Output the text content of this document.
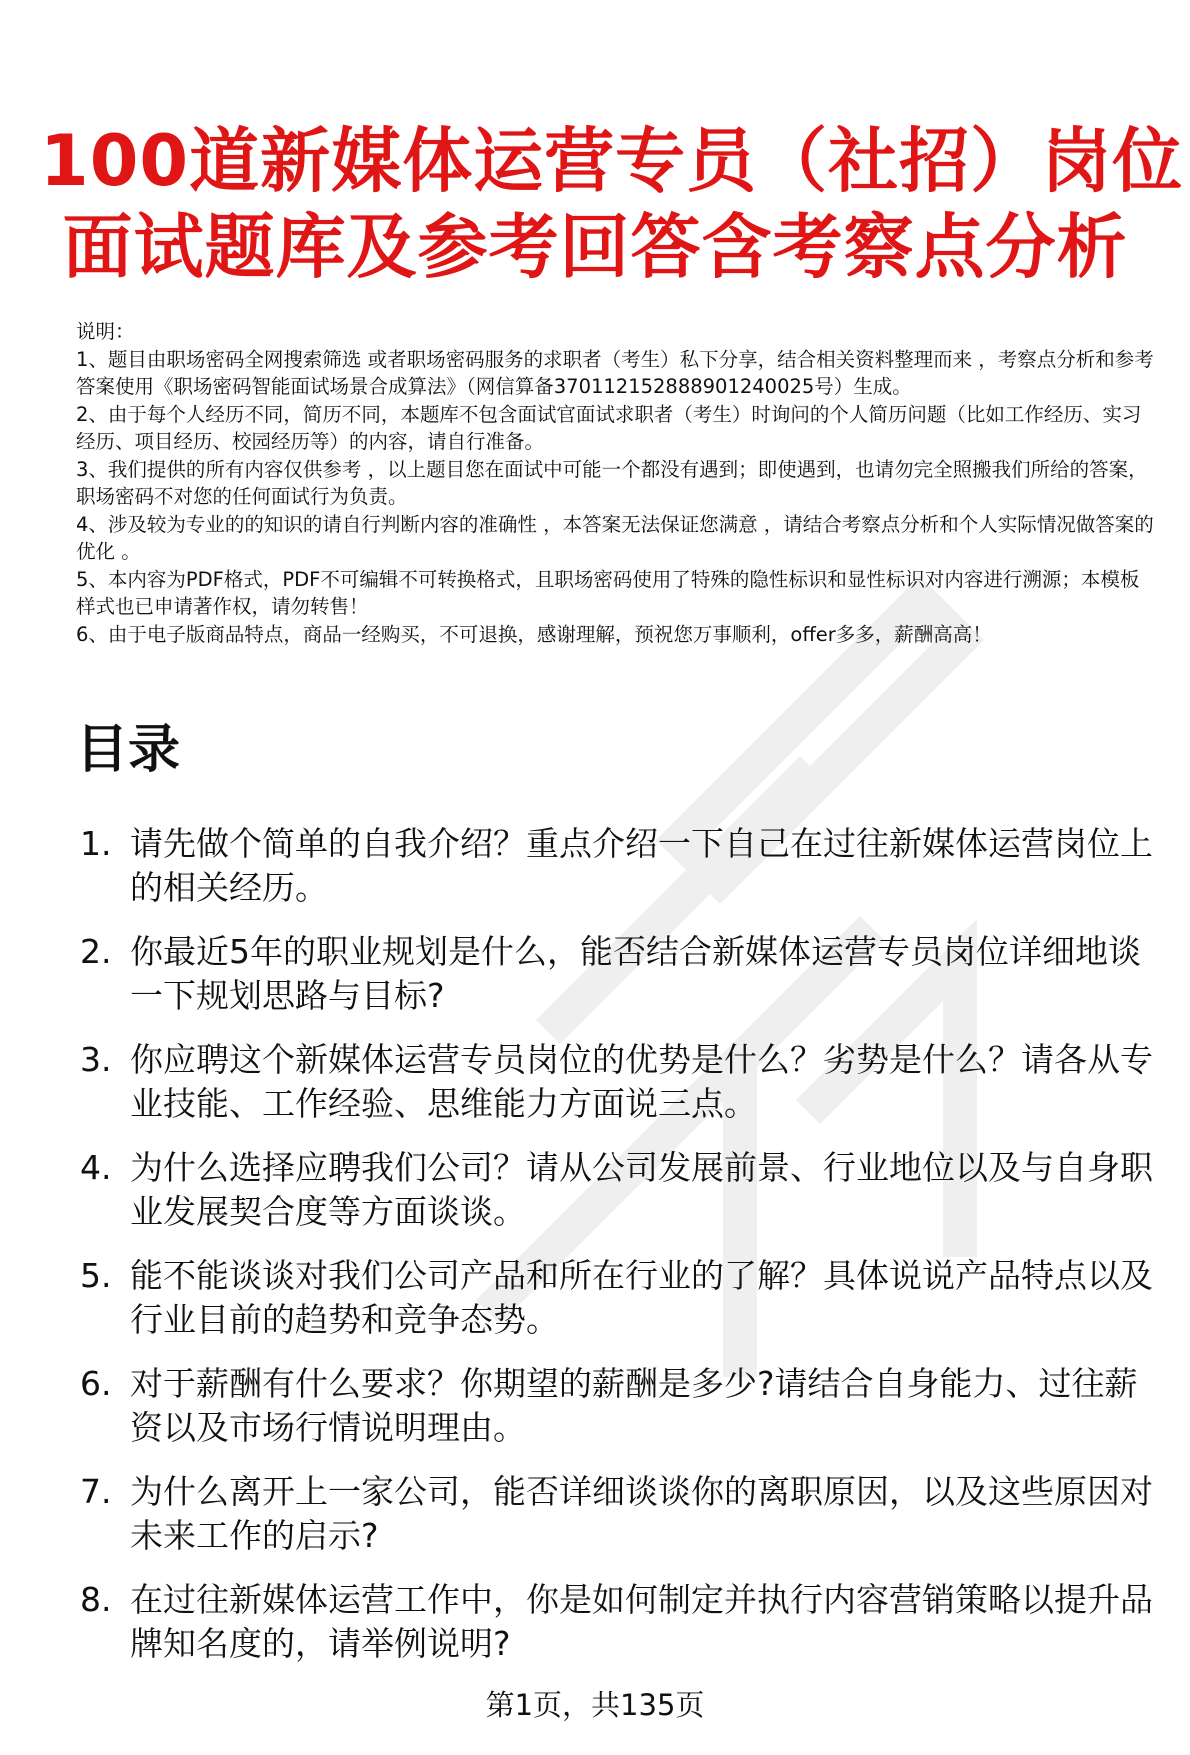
100道新媒体运营专员（社招）岗位
面试题库及参考回答含考察点分析

说明：

1、题目由职场密码全网搜索筛选 或者职场密码服务的求职者（考生）私下分享，结合相关资料整理而来 ，考察点分析和参考答案使用《职场密码智能面试场景合成算法》（网信算备370112152888901240025号）生成。

2、由于每个人经历不同，简历不同，本题库不包含面试官面试求职者（考生）时询问的个人简历问题（比如工作经历、实习经历、项目经历、校园经历等）的内容，请自行准备。

3、我们提供的所有内容仅供参考 ，以上题目您在面试中可能一个都没有遇到；即使遇到，也请勿完全照搬我们所给的答案，职场密码不对您的任何面试行为负责。

4、涉及较为专业的的知识的请自行判断内容的准确性 ，本答案无法保证您满意 ，请结合考察点分析和个人实际情况做答案的优化 。

5、本内容为PDF格式，PDF不可编辑不可转换格式，且职场密码使用了特殊的隐性标识和显性标识对内容进行溯源；本模板样式也已申请著作权，请勿转售！

6、由于电子版商品特点，商品一经购买，不可退换，感谢理解，预祝您万事顺利，offer多多，薪酬高高！

目录
1. 请先做个简单的自我介绍？重点介绍一下自己在过往新媒体运营岗位上的相关经历。
2. 你最近5年的职业规划是什么，能否结合新媒体运营专员岗位详细地谈一下规划思路与目标?
3. 你应聘这个新媒体运营专员岗位的优势是什么？劣势是什么？请各从专业技能、工作经验、思维能力方面说三点。
4. 为什么选择应聘我们公司？请从公司发展前景、行业地位以及与自身职业发展契合度等方面谈谈。
5. 能不能谈谈对我们公司产品和所在行业的了解？具体说说产品特点以及行业目前的趋势和竞争态势。
6. 对于薪酬有什么要求？你期望的薪酬是多少?请结合自身能力、过往薪资以及市场行情说明理由。
7. 为什么离开上一家公司，能否详细谈谈你的离职原因，以及这些原因对未来工作的启示?
8. 在过往新媒体运营工作中，你是如何制定并执行内容营销策略以提升品牌知名度的，请举例说明?
第1页，共135页
